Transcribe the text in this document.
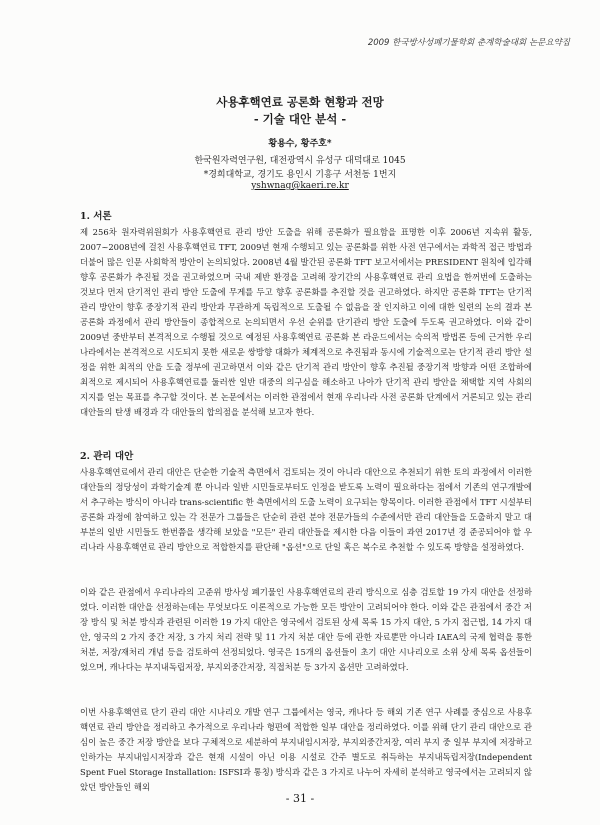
2009 한국방사성폐기물학회 춘계학술대회 논문요약집
사용후핵연료 공론화 현황과 전망
- 기술 대안 분석 -
황용수, 황주호*
한국원자력연구원, 대전광역시 유성구 대덕대로 1045
*경희대학교, 경기도 용인시 기흥구 서천동 1번지
yshwnag@kaeri.re.kr
1. 서론

제 256차 원자력위원회가 사용후핵연료 관리 방안 도출을 위해 공론화가 필요함을 표명한 이후 2006년 지속위 활동, 2007~2008년에 걸친 사용후핵연료 TFT, 2009년 현재 수행되고 있는 공론화를 위한 사전 연구에서는 과학적 접근 방법과 더불어 많은 인문 사회학적 방안이 논의되었다. 2008년 4월 발간된 공론화 TFT 보고서에서는 PRESIDENT 원칙에 입각해 향후 공론화가 추진될 것을 권고하였으며 국내 제반 환경을 고려해 장기간의 사용후핵연료 관리 요법을 한꺼번에 도출하는 것보다 먼저 단기적인 관리 방안 도출에 무게를 두고 향후 공론화를 추진할 것을 권고하였다. 하지만 공론화 TFT는 단기적 관리 방안이 향후 중장기적 관리 방안과 무관하게 독립적으로 도출될 수 없음을 잘 인지하고 이에 대한 일련의 논의 결과 본 공론화 과정에서 관리 방안들이 종합적으로 논의되면서 우선 순위를 단기관리 방안 도출에 두도록 권고하였다. 이와 같이 2009년 중반부터 본격적으로 수행될 것으로 예정된 사용후핵연료 공론화 본 라운드에서는 숙의적 방법론 등에 근거한 우리나라에서는 본격적으로 시도되지 못한 새로운 쌍방향 대화가 체계적으로 추진됨과 동시에 기술적으로는 단기적 관리 방안 설정을 위한 최적의 안을 도출 정부에 권고하면서 이와 같은 단기적 관리 방안이 향후 추진될 중장기적 방향과 어떤 조합하에 최적으로 제시되어 사용후핵연료를 둘러싼 일반 대중의 의구심을 해소하고 나아가 단기적 관리 방안을 채택할 지역 사회의 지지를 얻는 목표를 추구할 것이다. 본 논문에서는 이러한 관점에서 현재 우리나라 사전 공론화 단계에서 거론되고 있는 관리 대안들의 탄생 배경과 각 대안들의 합의점을 분석해 보고자 한다.

2. 관리 대안

사용후핵연료에서 관리 대안은 단순한 기술적 측면에서 검토되는 것이 아니라 대안으로 추천되기 위한 토의 과정에서 이러한 대안들의 정당성이 과학기술계 뿐 아니라 일반 시민들로부터도 인정을 받도록 노력이 필요하다는 점에서 기존의 연구개발에서 추구하는 방식이 아니라 trans-scientific 한 측면에서의 도출 노력이 요구되는 항목이다. 이러한 관점에서 TFT 시설부터 공론화 과정에 참여하고 있는 각 전문가 그룹들은 단순히 관련 분야 전문가들의 수준에서만 관리 대안들을 도출하지 말고 대부분의 일반 시민들도 한번쯤을 생각해 보았을 "모든" 관리 대안들을 제시한 다음 이들이 과연 2017년 경 준공되어야 할 우리나라 사용후핵연료 관리 방안으로 적합한지를 판단해 "옵션"으로 단일 혹은 복수로 추천할 수 있도록 방향을 설정하였다.

이와 같은 관점에서 우리나라의 고준위 방사성 폐기물인 사용후핵연료의 관리 방식으로 심층 검토할 19 가지 대안을 선정하였다. 이러한 대안을 선정하는데는 무엇보다도 이론적으로 가능한 모든 방안이 고려되어야 한다. 이와 같은 관점에서 중간 저장 방식 및 처분 방식과 관련된 이러한 19 가지 대안은 영국에서 검토된 상세 목록 15 가지 대안, 5 가지 접근법, 14 가지 대안, 영국의 2 가지 중간 저장, 3 가지 처리 전략 및 11 가지 처분 대안 등에 관한 자료뿐만 아니라 IAEA의 국제 협력을 통한 처분, 저장/재처리 개념 등을 검토하여 선정되었다. 영국은 15개의 옵션들이 초기 대안 시나리오로 소위 상세 목록 옵션들이었으며, 캐나다는 부지내독립저장, 부지외중간저장, 직접처분 등 3가지 옵션만 고려하였다.

이번 사용후핵연료 단기 관리 대안 시나리오 개발 연구 그룹에서는 영국, 캐나다 등 해외 기존 연구 사례를 중심으로 사용후핵연료 관리 방안을 정리하고 추가적으로 우리나라 형편에 적합한 일부 대안을 정리하였다. 이를 위해 단기 관리 대안으로 관심이 높은 중간 저장 방안을 보다 구체적으로 세분하여 부지내임시저장, 부지외중간저장, 여러 부지 중 일부 부지에 저장하고 인하가는 부지내임시저장과 같은 현재 시설이 아닌 이용 시설로 간주 별도로 취득하는 부지내독립저장(Independent Spent Fuel Storage Installation: ISFSI과 통칭) 방식과 같은 3 가지로 나누어 자세히 분석하고 영국에서는 고려되지 않았던 방안들인 해외

- 31 -
